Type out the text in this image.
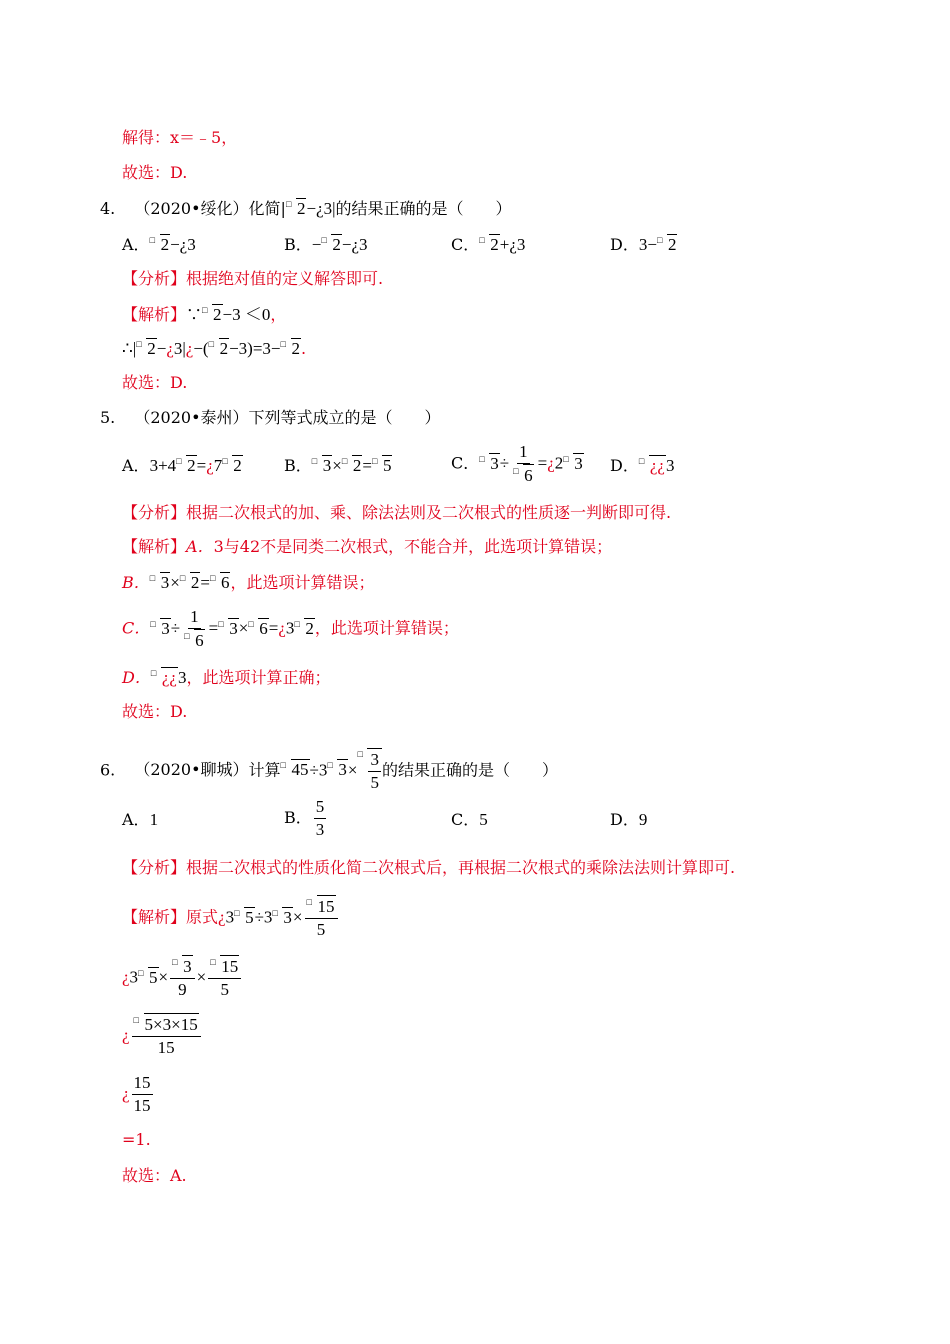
解得：x＝﹣5，
故选：D.
4. （2020•绥化）化简| □ 2−¿3|的结果正确的是（　　）
A． □ 2−¿3	B．− □ 2−¿3	C． □ 2+¿3	D．3− □ 2
【分析】根据绝对值的定义解答即可.
【解析】∵ □ 2−3 ＜0，
∴| □ 2−¿3|¿−( □ 2−3)=3− □ 2.
故选：D.
5. （2020•泰州）下列等式成立的是（　　）
A．3+4 □ 2=¿7 □ 2	B． □ 3× □ 2= □ 5	C． □ $3\div \frac{1}{□ 6}$ =¿2 □ 3 D． □ ¿¿3
【分析】根据二次根式的加、乘、除法法则及二次根式的性质逐一判断即可得.
【解析】A．3与42不是同类二次根式，不能合并，此选项计算错误；
B． □ 3× □ 2= □ 6，此选项计算错误；
C． □ $3\div \frac{1}{□ 6}$ = □ 3× □ 6=¿3 □ 2，此选项计算错误；
D． □ ¿¿3，此选项计算正确；
故选：D.
6. （2020•聊城）计算 □ 45÷3 □ 3×
□ $\frac{3}{5}$ 的结果正确的是（　　）
A．1	B． $\frac{5}{3}$	C．5	D．9
【分析】根据二次根式的性质化简二次根式后，再根据二次根式的乘除法法则计算即可.
【解析】原式¿3 □ 5÷3 □ $3\times \frac{□ 15}{5}$
¿3 □ $5\times \frac{□ 3}{9} \times \frac{□ 15}{5}$
¿ $\frac{□ 5\times 3\times 15}{15}$
¿ $\frac{15}{15}$
=1.
故选：A.
